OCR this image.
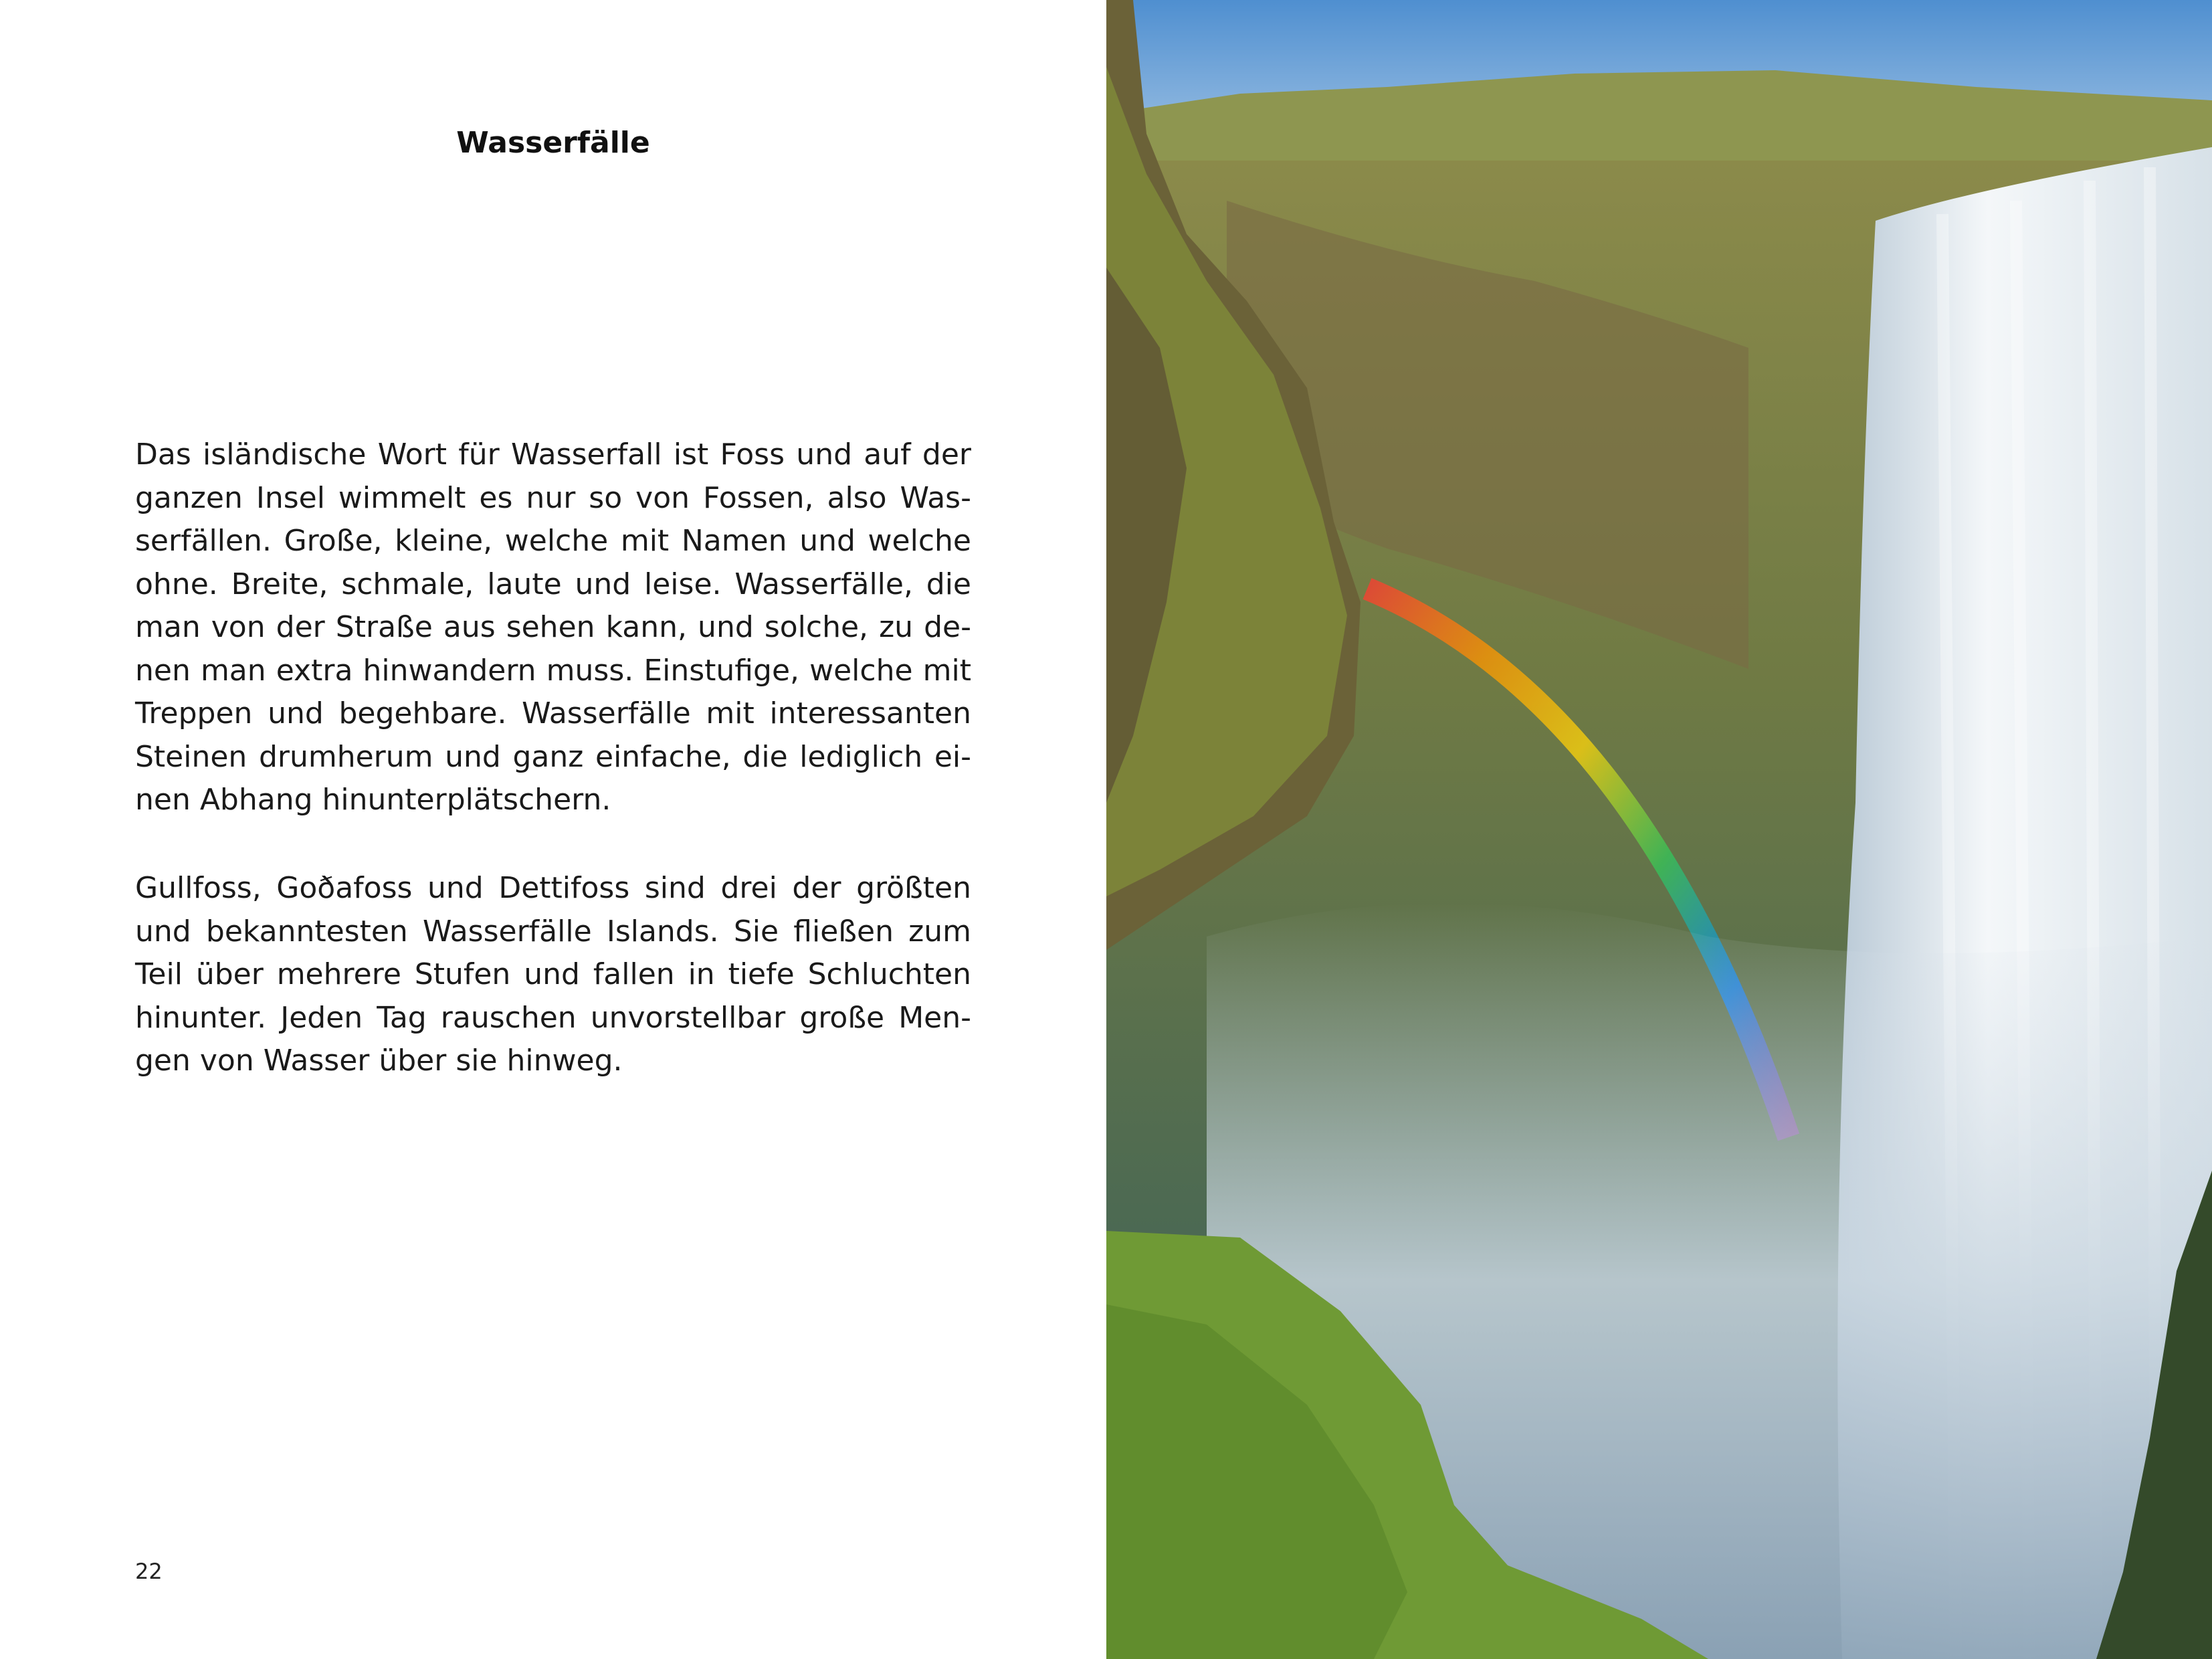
Wasserfälle

Das isländische Wort für Wasserfall ist Foss und auf der ganzen Insel wimmelt es nur so von Fossen, also Wasserfällen. Große, kleine, welche mit Namen und welche ohne. Breite, schmale, laute und leise. Wasserfälle, die man von der Straße aus sehen kann, und solche, zu denen man extra hinwandern muss. Einstufige, welche mit Treppen und begehbare. Wasserfälle mit interessanten Steinen drumherum und ganz einfache, die lediglich einen Abhang hinunterplätschern.

Gullfoss, Goðafoss und Dettifoss sind drei der größten und bekanntesten Wasserfälle Islands. Sie fließen zum Teil über mehrere Stufen und fallen in tiefe Schluchten hinunter. Jeden Tag rauschen unvorstellbar große Mengen von Wasser über sie hinweg.

22
